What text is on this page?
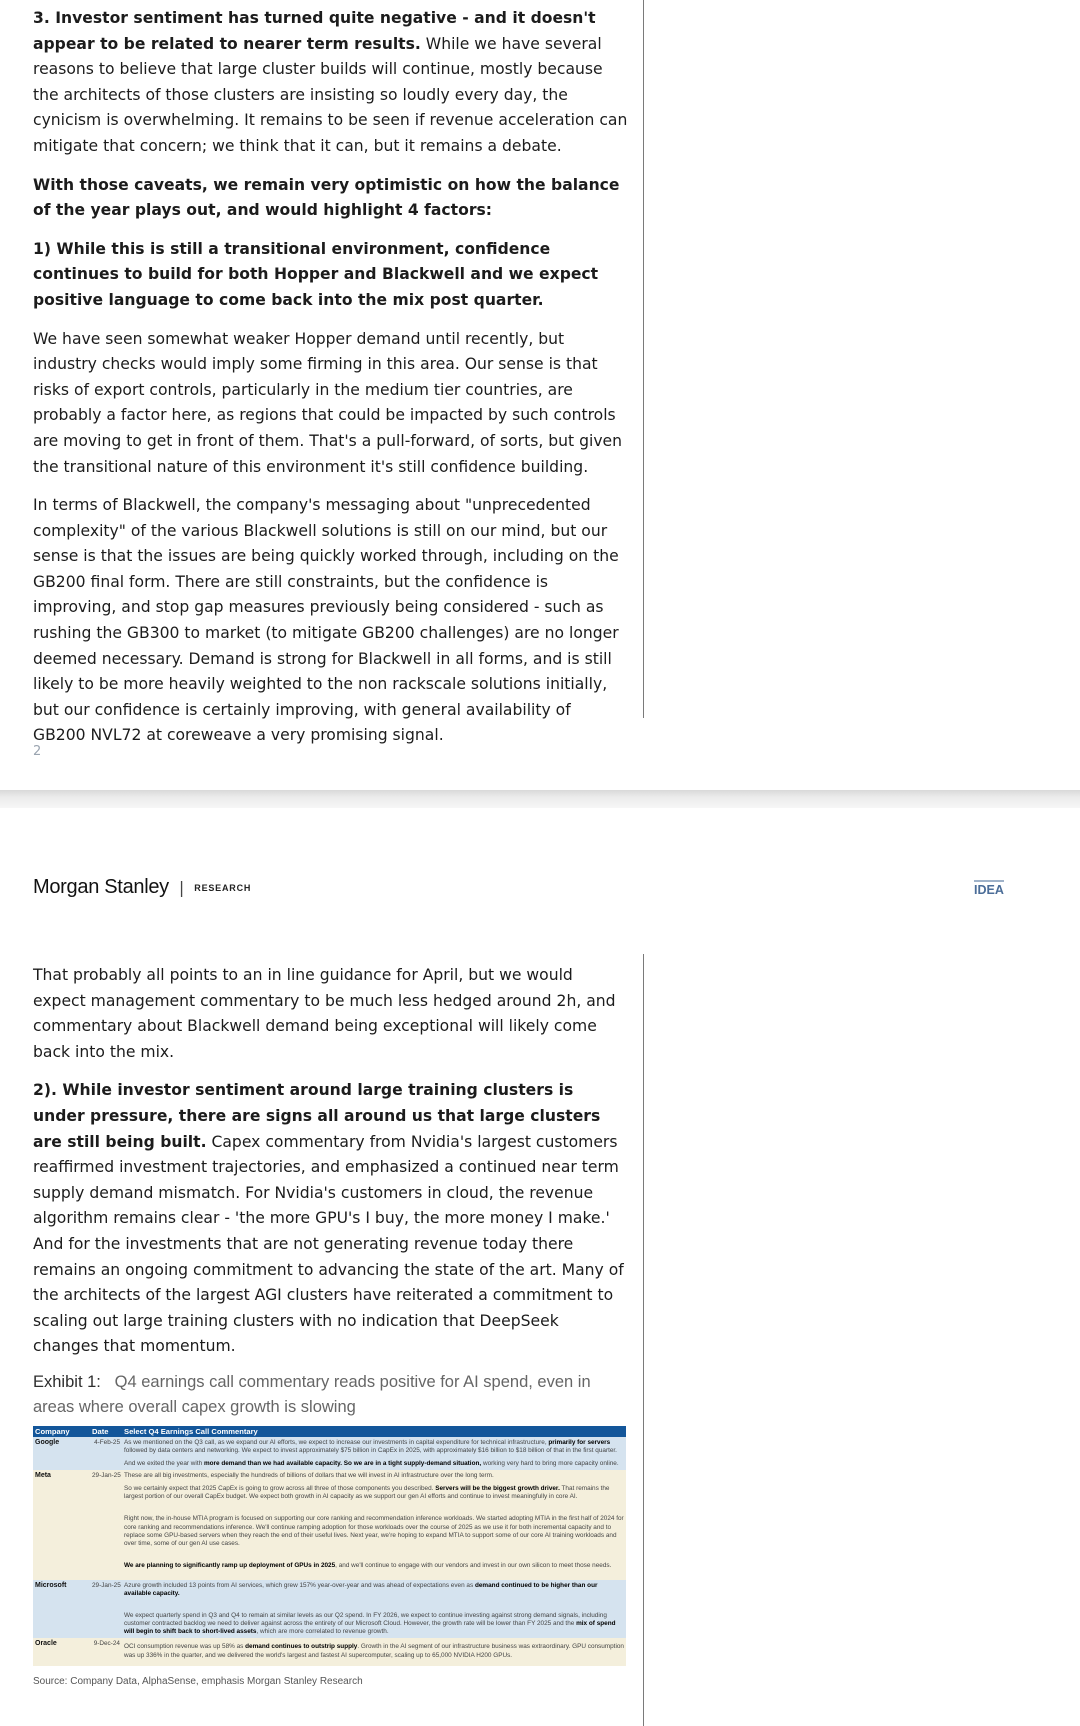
3. Investor sentiment has turned quite negative - and it doesn't appear to be related to nearer term results. While we have several reasons to believe that large cluster builds will continue, mostly because the architects of those clusters are insisting so loudly every day, the cynicism is overwhelming. It remains to be seen if revenue acceleration can mitigate that concern; we think that it can, but it remains a debate.

With those caveats, we remain very optimistic on how the balance of the year plays out, and would highlight 4 factors:

1) While this is still a transitional environment, confidence continues to build for both Hopper and Blackwell and we expect positive language to come back into the mix post quarter.

We have seen somewhat weaker Hopper demand until recently, but industry checks would imply some firming in this area. Our sense is that risks of export controls, particularly in the medium tier countries, are probably a factor here, as regions that could be impacted by such controls are moving to get in front of them. That's a pull-forward, of sorts, but given the transitional nature of this environment it's still confidence building.

In terms of Blackwell, the company's messaging about "unprecedented complexity" of the various Blackwell solutions is still on our mind, but our sense is that the issues are being quickly worked through, including on the GB200 final form. There are still constraints, but the confidence is improving, and stop gap measures previously being considered - such as rushing the GB300 to market (to mitigate GB200 challenges) are no longer deemed necessary. Demand is strong for Blackwell in all forms, and is still likely to be more heavily weighted to the non rackscale solutions initially, but our confidence is certainly improving, with general availability of GB200 NVL72 at coreweave a very promising signal.

2
Morgan Stanley | RESEARCH	IDEA

That probably all points to an in line guidance for April, but we would expect management commentary to be much less hedged around 2h, and commentary about Blackwell demand being exceptional will likely come back into the mix.

2). While investor sentiment around large training clusters is under pressure, there are signs all around us that large clusters are still being built. Capex commentary from Nvidia's largest customers reaffirmed investment trajectories, and emphasized a continued near term supply demand mismatch. For Nvidia's customers in cloud, the revenue algorithm remains clear - 'the more GPU's I buy, the more money I make.' And for the investments that are not generating revenue today there remains an ongoing commitment to advancing the state of the art. Many of the architects of the largest AGI clusters have reiterated a commitment to scaling out large training clusters with no indication that DeepSeek changes that momentum.

Exhibit 1: Q4 earnings call commentary reads positive for AI spend, even in areas where overall capex growth is slowing
Company	Date	Select Q4 Earnings Call Commentary
Google	4-Feb-25	As we mentioned on the Q3 call, as we expand our AI efforts, we expect to increase our investments in capital expenditure for technical infrastructure, primarily for servers followed by data centers and networking. We expect to invest approximately $75 billion in CapEx in 2025, with approximately $16 billion to $18 billion of that in the first quarter.
And we exited the year with more demand than we had available capacity. So we are in a tight supply-demand situation, working very hard to bring more capacity online.

Meta	29-Jan-25	These are all big investments, especially the hundreds of billions of dollars that we will invest in AI infrastructure over the long term.
So we certainly expect that 2025 CapEx is going to grow across all three of those components you described. Servers will be the biggest growth driver. That remains the largest portion of our overall CapEx budget. We expect both growth in AI capacity as we support our gen AI efforts and continue to invest meaningfully in core AI.
Right now, the in-house MTIA program is focused on supporting our core ranking and recommendation inference workloads. We started adopting MTIA in the first half of 2024 for core ranking and recommendations inference. We'll continue ramping adoption for those workloads over the course of 2025 as we use it for both incremental capacity and to replace some GPU-based servers when they reach the end of their useful lives. Next year, we're hoping to expand MTIA to support some of our core AI training workloads and over time, some of our gen AI use cases.
We are planning to significantly ramp up deployment of GPUs in 2025, and we'll continue to engage with our vendors and invest in our own silicon to meet those needs.

Microsoft	29-Jan-25	Azure growth included 13 points from AI services, which grew 157% year-over-year and was ahead of expectations even as demand continued to be higher than our available capacity.
We expect quarterly spend in Q3 and Q4 to remain at similar levels as our Q2 spend. In FY 2026, we expect to continue investing against strong demand signals, including customer contracted backlog we need to deliver against across the entirety of our Microsoft Cloud. However, the growth rate will be lower than FY 2025 and the mix of spend will begin to shift back to short-lived assets, which are more correlated to revenue growth.

Oracle	9-Dec-24	OCI consumption revenue was up 58% as demand continues to outstrip supply. Growth in the AI segment of our infrastructure business was extraordinary. GPU consumption was up 336% in the quarter, and we delivered the world's largest and fastest AI supercomputer, scaling up to 65,000 NVIDIA H200 GPUs.
Source: Company Data, AlphaSense, emphasis Morgan Stanley Research
